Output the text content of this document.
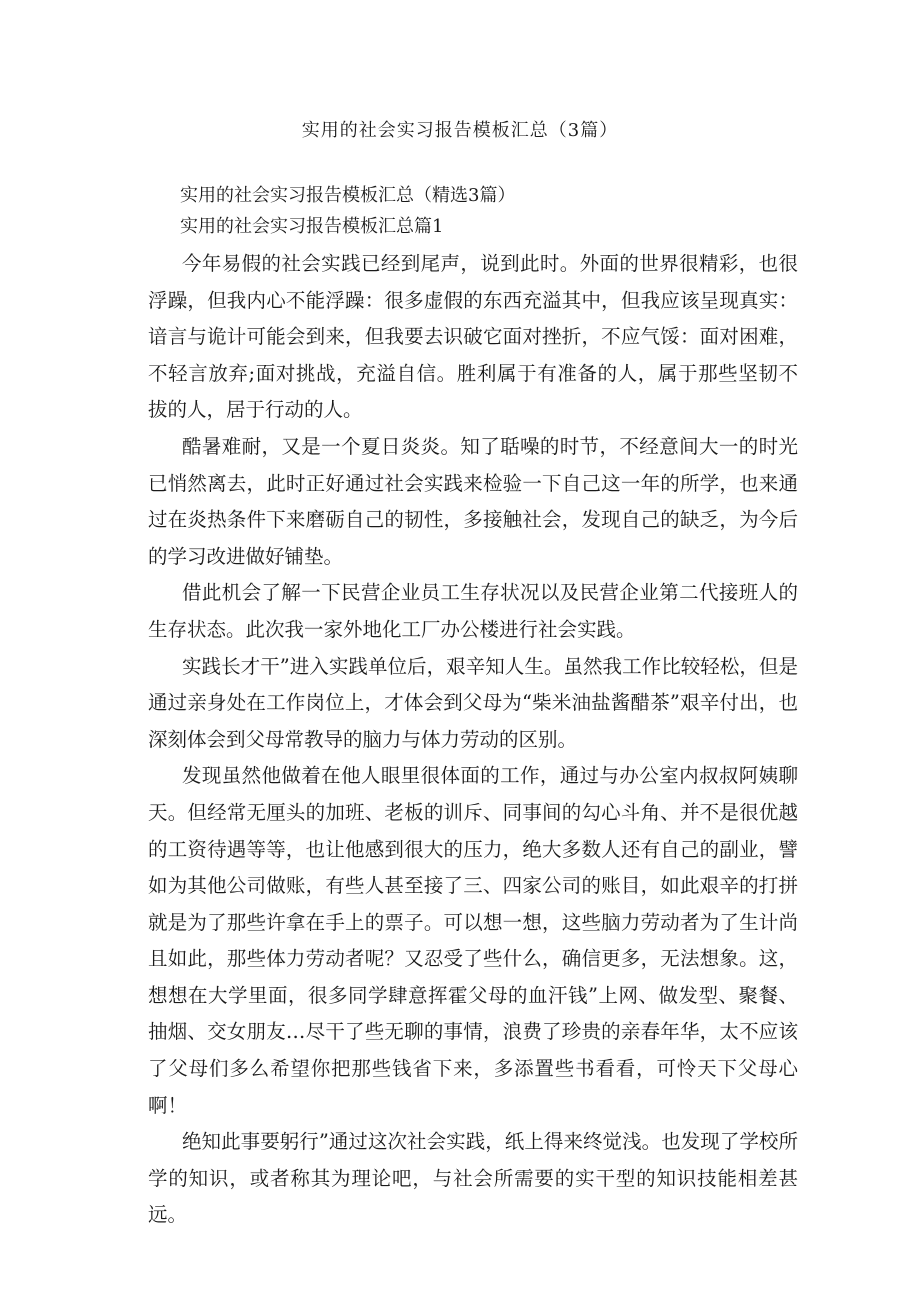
实用的社会实习报告模板汇总（3篇）

实用的社会实习报告模板汇总（精选3篇）

实用的社会实习报告模板汇总篇1

今年易假的社会实践已经到尾声，说到此时。外面的世界很精彩，也很浮躁，但我内心不能浮躁：很多虚假的东西充溢其中，但我应该呈现真实：谙言与诡计可能会到来，但我要去识破它面对挫折，不应气馁：面对困难，不轻言放弃;面对挑战，充溢自信。胜利属于有准备的人，属于那些坚韧不拔的人，居于行动的人。

酷暑难耐，又是一个夏日炎炎。知了聒噪的时节，不经意间大一的时光已悄然离去，此时正好通过社会实践来检验一下自己这一年的所学，也来通过在炎热条件下来磨砺自己的韧性，多接触社会，发现自己的缺乏，为今后的学习改进做好铺垫。

借此机会了解一下民营企业员工生存状况以及民营企业第二代接班人的生存状态。此次我一家外地化工厂办公楼进行社会实践。

实践长才干”进入实践单位后，艰辛知人生。虽然我工作比较轻松，但是通过亲身处在工作岗位上，才体会到父母为“柴米油盐酱醋茶”艰辛付出，也深刻体会到父母常教导的脑力与体力劳动的区别。

发现虽然他做着在他人眼里很体面的工作，通过与办公室内叔叔阿姨聊天。但经常无厘头的加班、老板的训斥、同事间的勾心斗角、并不是很优越的工资待遇等等，也让他感到很大的压力，绝大多数人还有自己的副业，譬如为其他公司做账，有些人甚至接了三、四家公司的账目，如此艰辛的打拼就是为了那些许拿在手上的票子。可以想一想，这些脑力劳动者为了生计尚且如此，那些体力劳动者呢？又忍受了些什么，确信更多，无法想象。这，想想在大学里面，很多同学肆意挥霍父母的血汗钱”上网、做发型、聚餐、抽烟、交女朋友…尽干了些无聊的事情，浪费了珍贵的亲春年华，太不应该了父母们多么希望你把那些钱省下来，多添置些书看看，可怜天下父母心啊！

绝知此事要躬行”通过这次社会实践，纸上得来终觉浅。也发现了学校所学的知识，或者称其为理论吧，与社会所需要的实干型的知识技能相差甚远。
